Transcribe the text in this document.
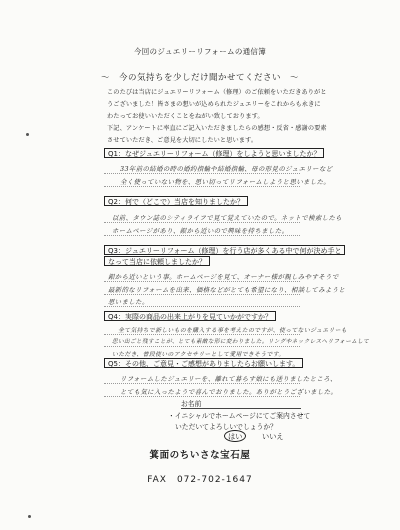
今回のジュエリーリフォームの通信簿
～　今の気持ちを少しだけ聞かせてください　～
このたびは当店にジュエリーリフォーム（修理）のご依頼をいただきありがと
うございました！皆さまの想いが込められたジュエリーをこれからも永きに
わたってお使いいただくことをねがい致しております。
下記、アンケートに率直にご記入いただきましたらの感想・反省・感謝の要素
させていただき、ご意見を大切にしたいと思います。
Q1：なぜジュエリーリフォーム（修理）をしようと思いましたか？
33年前の結婚の時の婚約指輪や結婚指輪、母の形見のジュエリーなど
全く使っていない物を、思い切ってリフォームしようと思いました。
Q2：何で（どこで）当店を知りましたか？
以前、タウン誌のシティライフで見て覚えていたので。ネットで検索したら
ホームページがあり、銀から近いので興味を持ちました。
Q3：ジュエリーリフォーム（修理）を行う店が多くある中で何が決め手と
なって当店に依頼しましたか？
銀から近いという事。ホームページを見て、オーナー様が親しみやすそうで
最新的なリフォームを出来、価格などがとても希望になり、相談してみようと
思いました。
Q4：実際の商品の出来上がりを見ていかがですか？
全て気持ちで新しいものを購入する事を考えたのですが、使ってないジュエリーも
思い出ごと残すことが、とても素敵な形に変わりました。リングやネックレスへリフォームして
いただき、普段使いのアクセサリーとして愛用できそうです。
Q5：その他、ご意見・ご感想がありましたらお願いします。
リフォームしたジュエリーを、離れて暮らす娘にも送りましたところ、
とても気に入ったようで喜んでおりました。ありがとうございました。
お名前
・イニシャルでホームページにてご案内させて
いただいてよろしいでしょうか？
はい	いいえ
箕面のちいさな宝石屋
FAX　072-702-1647
